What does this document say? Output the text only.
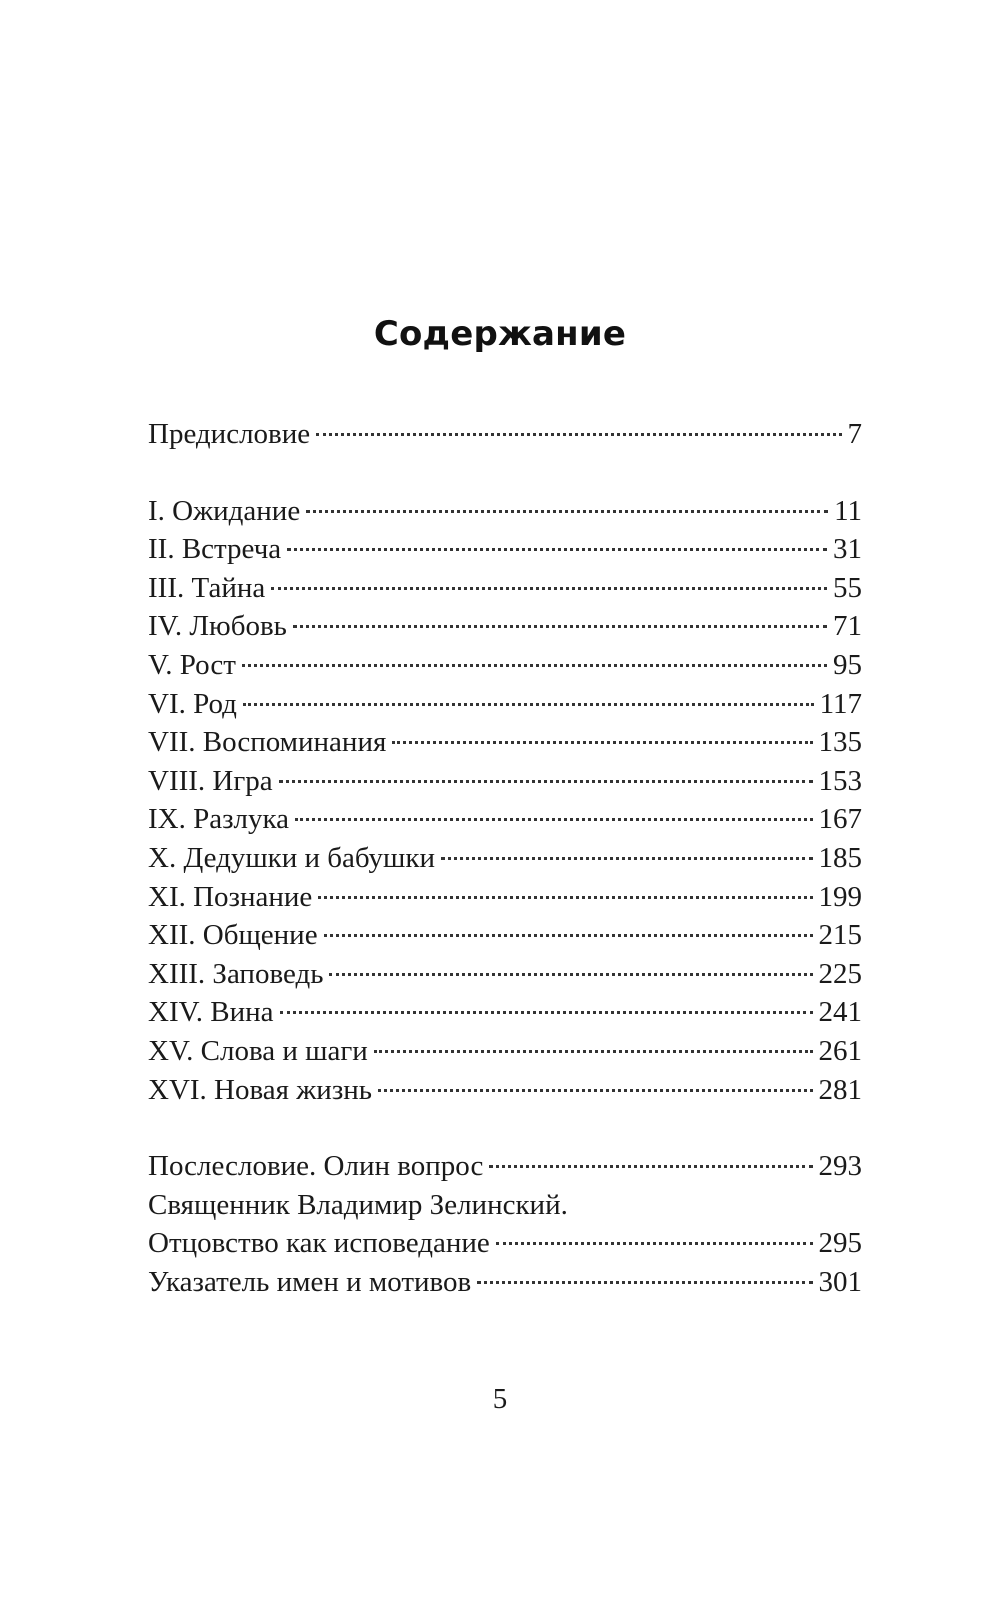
Содержание
Предисловие	7
I. Ожидание	11
II. Встреча	31
III. Тайна	55
IV. Любовь	71
V. Рост	95
VI. Род	117
VII. Воспоминания	135
VIII. Игра	153
IX. Разлука	167
X. Дедушки и бабушки	185
XI. Познание	199
XII. Общение	215
XIII. Заповедь	225
XIV. Вина	241
XV. Слова и шаги	261
XVI. Новая жизнь	281
Послесловие. Олин вопрос	293
Священник Владимир Зелинский.
Отцовство как исповедание	295
Указатель имен и мотивов	301
5
